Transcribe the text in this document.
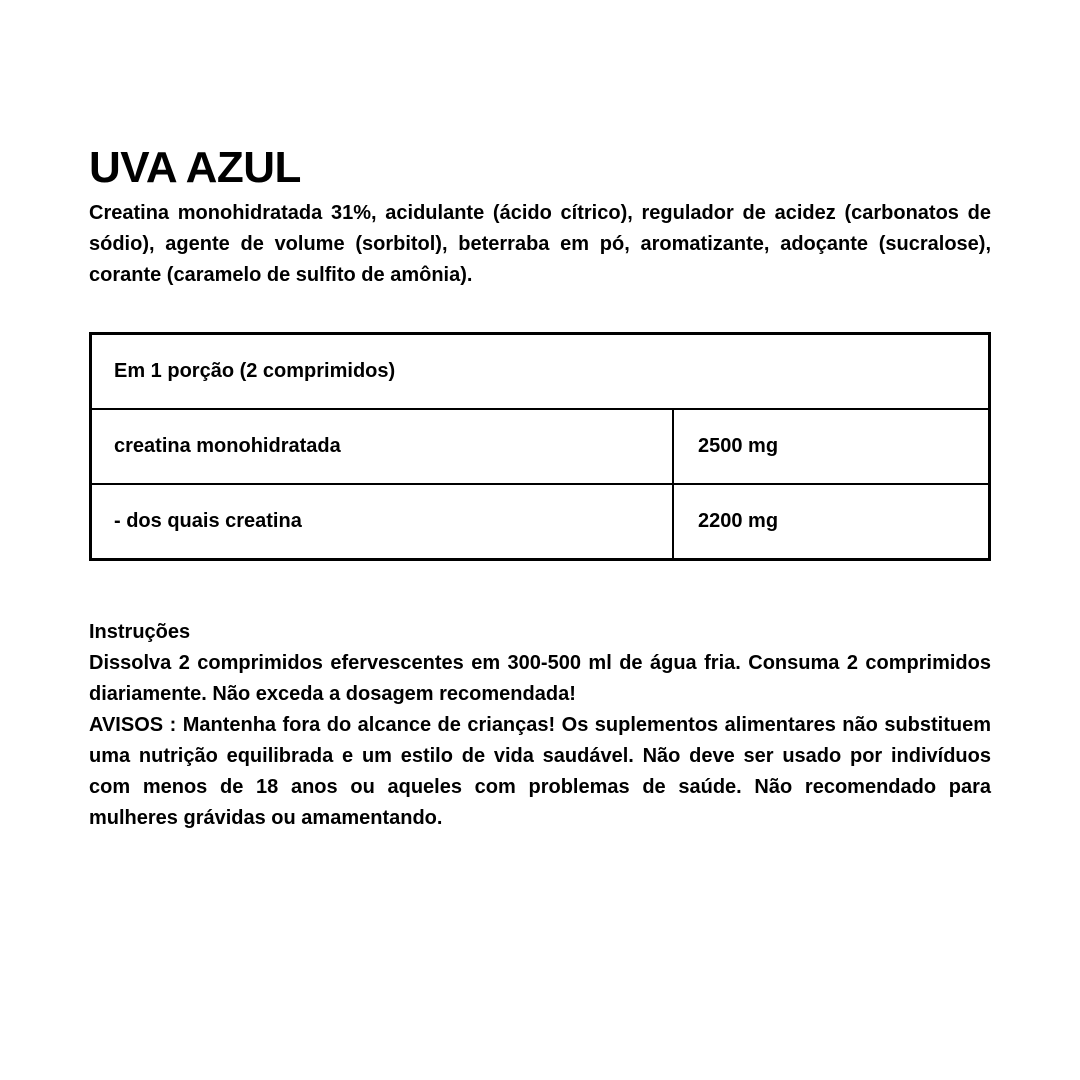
UVA AZUL

Creatina monohidratada 31%, acidulante (ácido cítrico), regulador de acidez (carbonatos de sódio), agente de volume (sorbitol), beterraba em pó, aromatizante, adoçante (sucralose), corante (caramelo de sulfito de amônia).

Em 1 porção (2 comprimidos)	
creatina monohidratada	2500 mg
- dos quais creatina	2200 mg

Instruções

Dissolva 2 comprimidos efervescentes em 300-500 ml de água fria. Consuma 2 comprimidos diariamente. Não exceda a dosagem recomendada!

AVISOS : Mantenha fora do alcance de crianças! Os suplementos alimentares não substituem uma nutrição equilibrada e um estilo de vida saudável. Não deve ser usado por indivíduos com menos de 18 anos ou aqueles com problemas de saúde. Não recomendado para mulheres grávidas ou amamentando.
